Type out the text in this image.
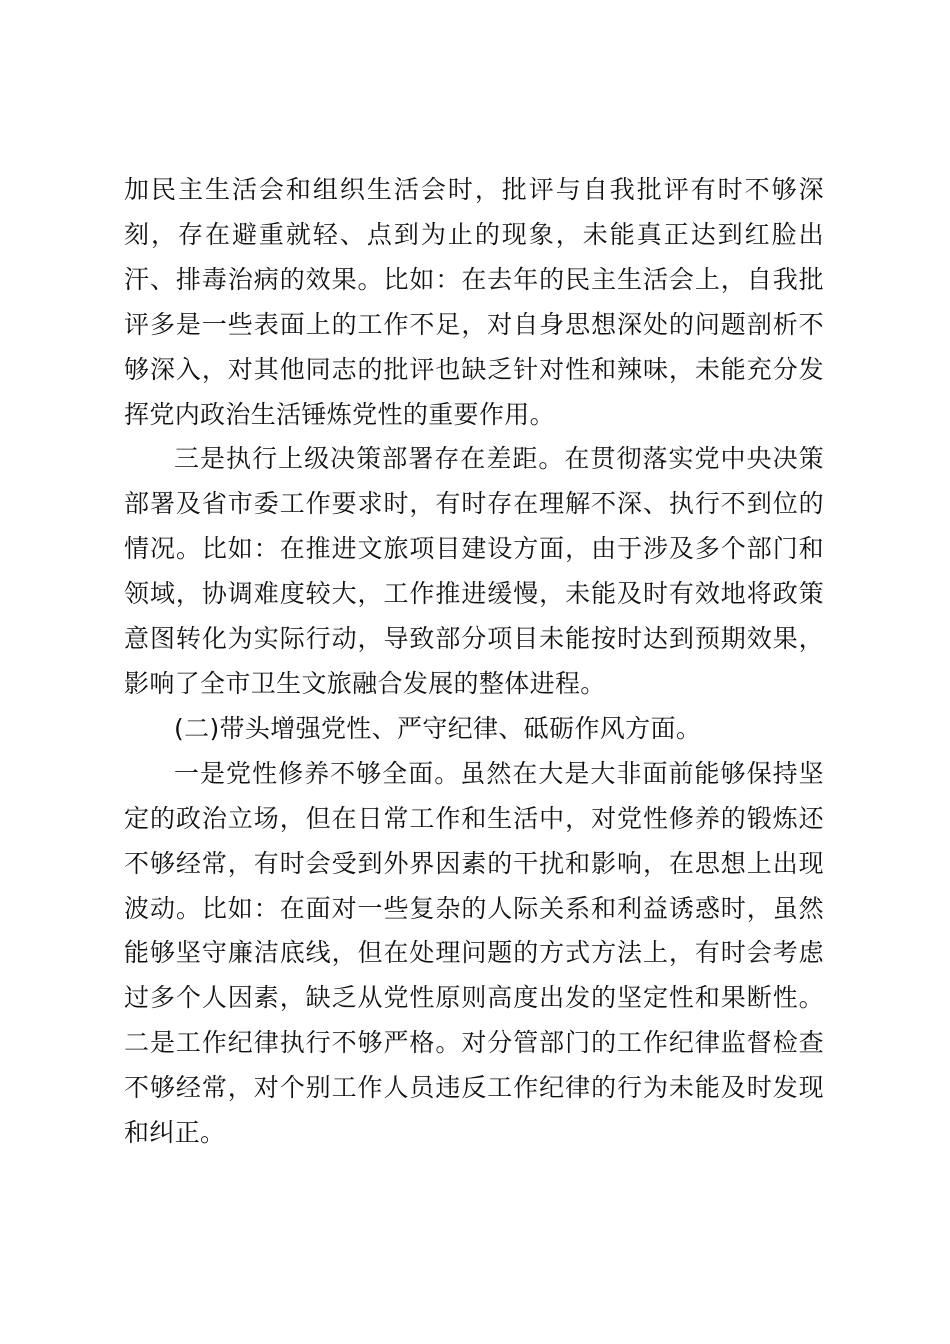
加民主生活会和组织生活会时，批评与自我批评有时不够深刻，存在避重就轻、点到为止的现象，未能真正达到红脸出汗、排毒治病的效果。比如：在去年的民主生活会上，自我批评多是一些表面上的工作不足，对自身思想深处的问题剖析不够深入，对其他同志的批评也缺乏针对性和辣味，未能充分发挥党内政治生活锤炼党性的重要作用。

三是执行上级决策部署存在差距。在贯彻落实党中央决策部署及省市委工作要求时，有时存在理解不深、执行不到位的情况。比如：在推进文旅项目建设方面，由于涉及多个部门和领域，协调难度较大，工作推进缓慢，未能及时有效地将政策意图转化为实际行动，导致部分项目未能按时达到预期效果，影响了全市卫生文旅融合发展的整体进程。

(二)带头增强党性、严守纪律、砥砺作风方面。

一是党性修养不够全面。虽然在大是大非面前能够保持坚定的政治立场，但在日常工作和生活中，对党性修养的锻炼还不够经常，有时会受到外界因素的干扰和影响，在思想上出现波动。比如：在面对一些复杂的人际关系和利益诱惑时，虽然能够坚守廉洁底线，但在处理问题的方式方法上，有时会考虑过多个人因素，缺乏从党性原则高度出发的坚定性和果断性。二是工作纪律执行不够严格。对分管部门的工作纪律监督检查不够经常，对个别工作人员违反工作纪律的行为未能及时发现和纠正。
